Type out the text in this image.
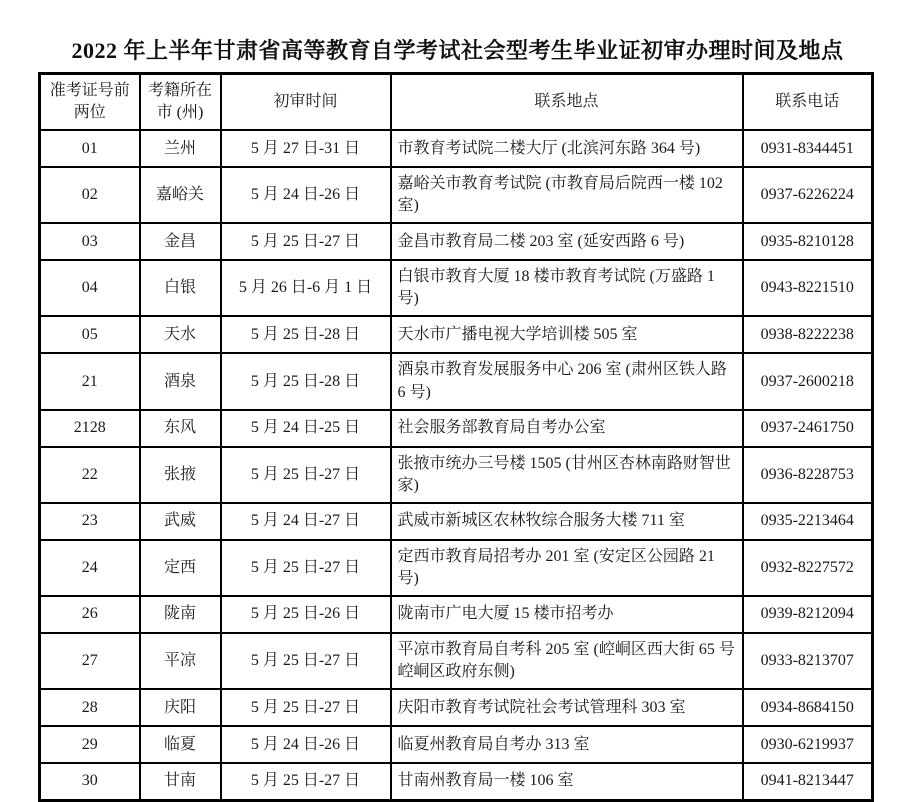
2022 年上半年甘肃省高等教育自学考试社会型考生毕业证初审办理时间及地点
准考证号前两位	考籍所在市 (州)	初审时间	联系地点	联系电话
01	兰州	5 月 27 日-31 日	市教育考试院二楼大厅 (北滨河东路 364 号)	0931-8344451
02	嘉峪关	5 月 24 日-26 日	嘉峪关市教育考试院 (市教育局后院西一楼 102 室)	0937-6226224
03	金昌	5 月 25 日-27 日	金昌市教育局二楼 203 室 (延安西路 6 号)	0935-8210128
04	白银	5 月 26 日-6 月 1 日	白银市教育大厦 18 楼市教育考试院 (万盛路 1 号)	0943-8221510
05	天水	5 月 25 日-28 日	天水市广播电视大学培训楼 505 室	0938-8222238
21	酒泉	5 月 25 日-28 日	酒泉市教育发展服务中心 206 室 (肃州区铁人路 6 号)	0937-2600218
2128	东风	5 月 24 日-25 日	社会服务部教育局自考办公室	0937-2461750
22	张掖	5 月 25 日-27 日	张掖市统办三号楼 1505 (甘州区杏林南路财智世家)	0936-8228753
23	武威	5 月 24 日-27 日	武威市新城区农林牧综合服务大楼 711 室	0935-2213464
24	定西	5 月 25 日-27 日	定西市教育局招考办 201 室 (安定区公园路 21 号)	0932-8227572
26	陇南	5 月 25 日-26 日	陇南市广电大厦 15 楼市招考办	0939-8212094
27	平凉	5 月 25 日-27 日	平凉市教育局自考科 205 室 (崆峒区西大街 65 号崆峒区政府东侧)	0933-8213707
28	庆阳	5 月 25 日-27 日	庆阳市教育考试院社会考试管理科 303 室	0934-8684150
29	临夏	5 月 24 日-26 日	临夏州教育局自考办 313 室	0930-6219937
30	甘南	5 月 25 日-27 日	甘南州教育局一楼 106 室	0941-8213447
